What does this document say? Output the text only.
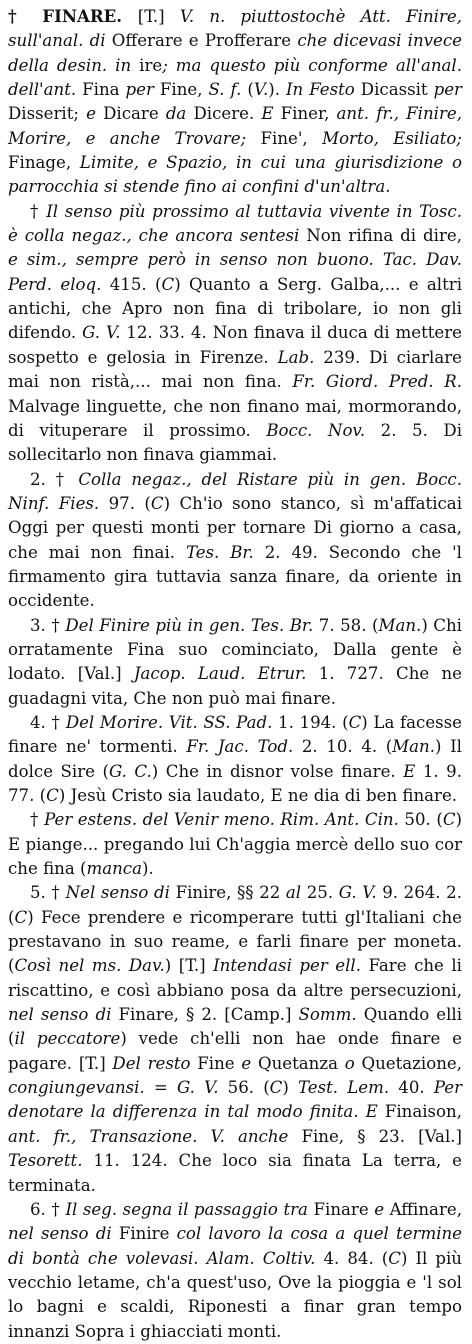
† FINARE. [T.] V. n. piuttostochè Att. Finire, sull'anal. di Offerare e Profferare che dicevasi invece della desin. in ire; ma questo più conforme all'anal. dell'ant. Fina per Fine, S. f. (V.). In Festo Dicassit per Disserit; e Dicare da Dicere. E Finer, ant. fr., Finire, Morire, e anche Trovare; Fine', Morto, Esiliato; Finage, Limite, e Spazio, in cui una giurisdizione o parrocchia si stende fino ai confini d'un'altra.

† Il senso più prossimo al tuttavia vivente in Tosc. è colla negaz., che ancora sentesi Non rifina di dire, e sim., sempre però in senso non buono. Tac. Dav. Perd. eloq. 415. (C) Quanto a Serg. Galba,... e altri antichi, che Apro non fina di tribolare, io non gli difendo. G. V. 12. 33. 4. Non finava il duca di mettere sospetto e gelosia in Firenze. Lab. 239. Di ciarlare mai non ristà,... mai non fina. Fr. Giord. Pred. R. Malvage linguette, che non finano mai, mormorando, di vituperare il prossimo. Bocc. Nov. 2. 5. Di sollecitarlo non finava giammai.

2. † Colla negaz., del Ristare più in gen. Bocc. Ninf. Fies. 97. (C) Ch'io sono stanco, sì m'affaticai Oggi per questi monti per tornare Di giorno a casa, che mai non finai. Tes. Br. 2. 49. Secondo che 'l firmamento gira tuttavia sanza finare, da oriente in occidente.

3. † Del Finire più in gen. Tes. Br. 7. 58. (Man.) Chi orratamente Fina suo cominciato, Dalla gente è lodato. [Val.] Jacop. Laud. Etrur. 1. 727. Che ne guadagni vita, Che non può mai finare.

4. † Del Morire. Vit. SS. Pad. 1. 194. (C) La facesse finare ne' tormenti. Fr. Jac. Tod. 2. 10. 4. (Man.) Il dolce Sire (G. C.) Che in disnor volse finare. E 1. 9. 77. (C) Jesù Cristo sia laudato, E ne dia di ben finare.

† Per estens. del Venir meno. Rim. Ant. Cin. 50. (C) E piange... pregando lui Ch'aggia mercè dello suo cor che fina (manca).

5. † Nel senso di Finire, §§ 22 al 25. G. V. 9. 264. 2. (C) Fece prendere e ricomperare tutti gl'Italiani che prestavano in suo reame, e farli finare per moneta. (Così nel ms. Dav.) [T.] Intendasi per ell. Fare che li riscattino, e così abbiano posa da altre persecuzioni, nel senso di Finare, § 2. [Camp.] Somm. Quando elli (il peccatore) vede ch'elli non hae onde finare e pagare. [T.] Del resto Fine e Quetanza o Quetazione, congiungevansi. = G. V. 56. (C) Test. Lem. 40. Per denotare la differenza in tal modo finita. E Finaison, ant. fr., Transazione. V. anche Fine, § 23. [Val.] Tesorett. 11. 124. Che loco sia finata La terra, e terminata.

6. † Il seg. segna il passaggio tra Finare e Affinare, nel senso di Finire col lavoro la cosa a quel termine di bontà che volevasi. Alam. Coltiv. 4. 84. (C) Il più vecchio letame, ch'a quest'uso, Ove la pioggia e 'l sol lo bagni e scaldi, Riponesti a finar gran tempo innanzi Sopra i ghiacciati monti.
